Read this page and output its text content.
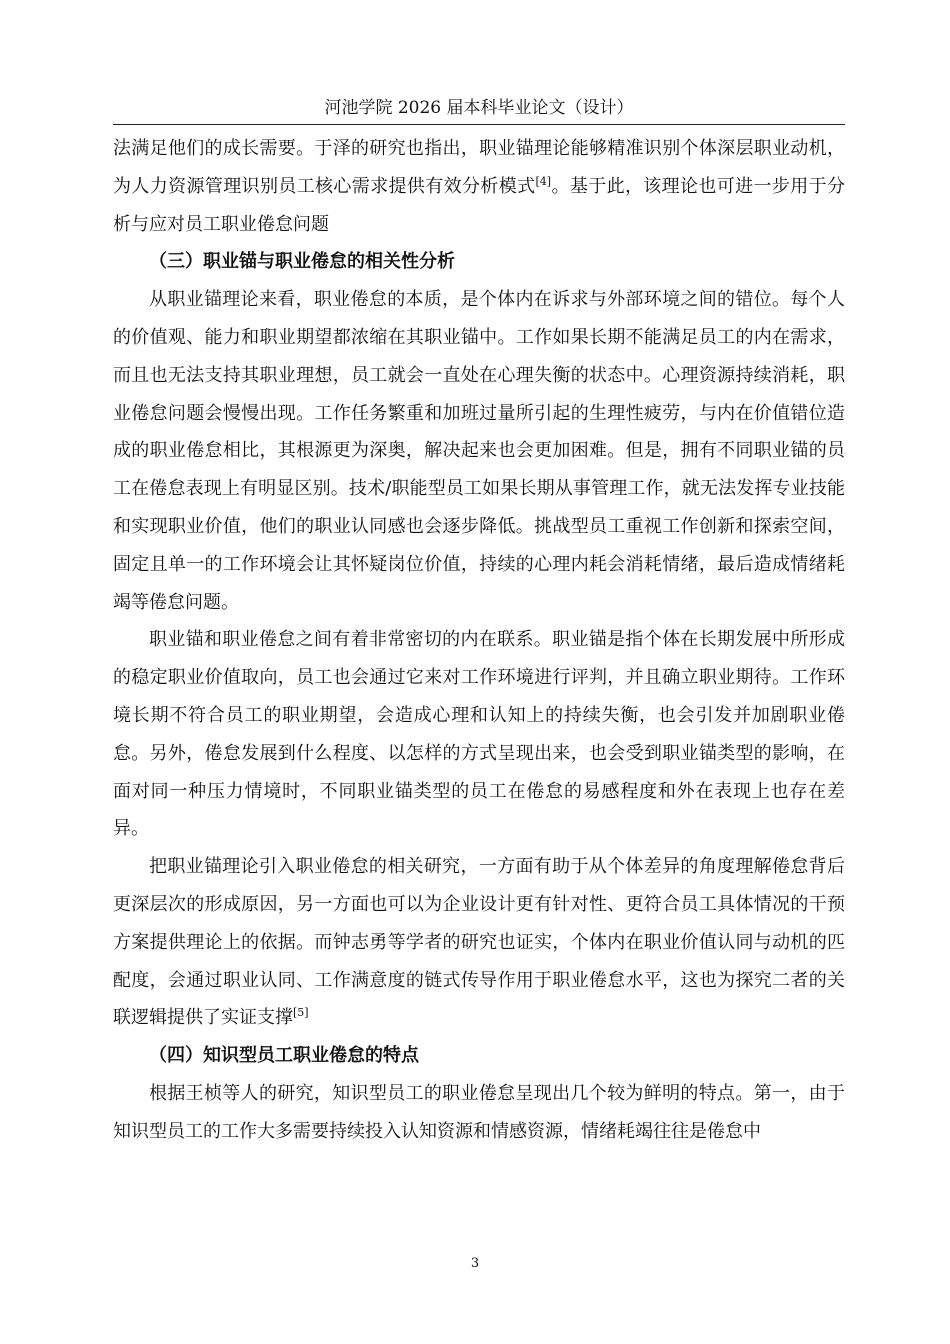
河池学院 2026 届本科毕业论文（设计）

法满足他们的成长需要。于泽的研究也指出，职业锚理论能够精准识别个体深层职业动机，为人力资源管理识别员工核心需求提供有效分析模式[4]。基于此，该理论也可进一步用于分析与应对员工职业倦怠问题

（三）职业锚与职业倦怠的相关性分析

从职业锚理论来看，职业倦怠的本质，是个体内在诉求与外部环境之间的错位。每个人的价值观、能力和职业期望都浓缩在其职业锚中。工作如果长期不能满足员工的内在需求，而且也无法支持其职业理想，员工就会一直处在心理失衡的状态中。心理资源持续消耗，职业倦怠问题会慢慢出现。工作任务繁重和加班过量所引起的生理性疲劳，与内在价值错位造成的职业倦怠相比，其根源更为深奥，解决起来也会更加困难。但是，拥有不同职业锚的员工在倦怠表现上有明显区别。技术/职能型员工如果长期从事管理工作，就无法发挥专业技能和实现职业价值，他们的职业认同感也会逐步降低。挑战型员工重视工作创新和探索空间，固定且单一的工作环境会让其怀疑岗位价值，持续的心理内耗会消耗情绪，最后造成情绪耗竭等倦怠问题。

职业锚和职业倦怠之间有着非常密切的内在联系。职业锚是指个体在长期发展中所形成的稳定职业价值取向，员工也会通过它来对工作环境进行评判，并且确立职业期待。工作环境长期不符合员工的职业期望，会造成心理和认知上的持续失衡，也会引发并加剧职业倦怠。另外，倦怠发展到什么程度、以怎样的方式呈现出来，也会受到职业锚类型的影响，在面对同一种压力情境时，不同职业锚类型的员工在倦怠的易感程度和外在表现上也存在差异。

把职业锚理论引入职业倦怠的相关研究，一方面有助于从个体差异的角度理解倦怠背后更深层次的形成原因，另一方面也可以为企业设计更有针对性、更符合员工具体情况的干预方案提供理论上的依据。而钟志勇等学者的研究也证实，个体内在职业价值认同与动机的匹配度，会通过职业认同、工作满意度的链式传导作用于职业倦怠水平，这也为探究二者的关联逻辑提供了实证支撑[5]

（四）知识型员工职业倦怠的特点

根据王桢等人的研究，知识型员工的职业倦怠呈现出几个较为鲜明的特点。第一，由于知识型员工的工作大多需要持续投入认知资源和情感资源，情绪耗竭往往是倦怠中

3
